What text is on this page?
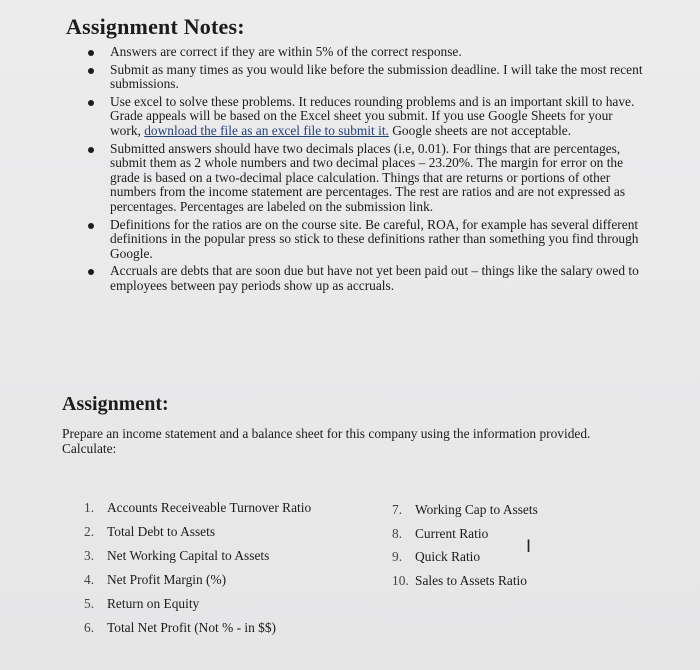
Assignment Notes:
Answers are correct if they are within 5% of the correct response.
Submit as many times as you would like before the submission deadline. I will take the most recent submissions.
Use excel to solve these problems. It reduces rounding problems and is an important skill to have. Grade appeals will be based on the Excel sheet you submit. If you use Google Sheets for your work, download the file as an excel file to submit it. Google sheets are not acceptable.
Submitted answers should have two decimals places (i.e, 0.01). For things that are percentages, submit them as 2 whole numbers and two decimal places – 23.20%. The margin for error on the grade is based on a two-decimal place calculation. Things that are returns or portions of other numbers from the income statement are percentages. The rest are ratios and are not expressed as percentages. Percentages are labeled on the submission link.
Definitions for the ratios are on the course site. Be careful, ROA, for example has several different definitions in the popular press so stick to these definitions rather than something you find through Google.
Accruals are debts that are soon due but have not yet been paid out – things like the salary owed to employees between pay periods show up as accruals.
Assignment:

Prepare an income statement and a balance sheet for this company using the information provided. Calculate:

1. Accounts Receiveable Turnover Ratio
2. Total Debt to Assets
3. Net Working Capital to Assets
4. Net Profit Margin (%)
5. Return on Equity
6. Total Net Profit (Not % - in $$)
7. Working Cap to Assets
8. Current Ratio
9. Quick Ratio
10. Sales to Assets Ratio
I
